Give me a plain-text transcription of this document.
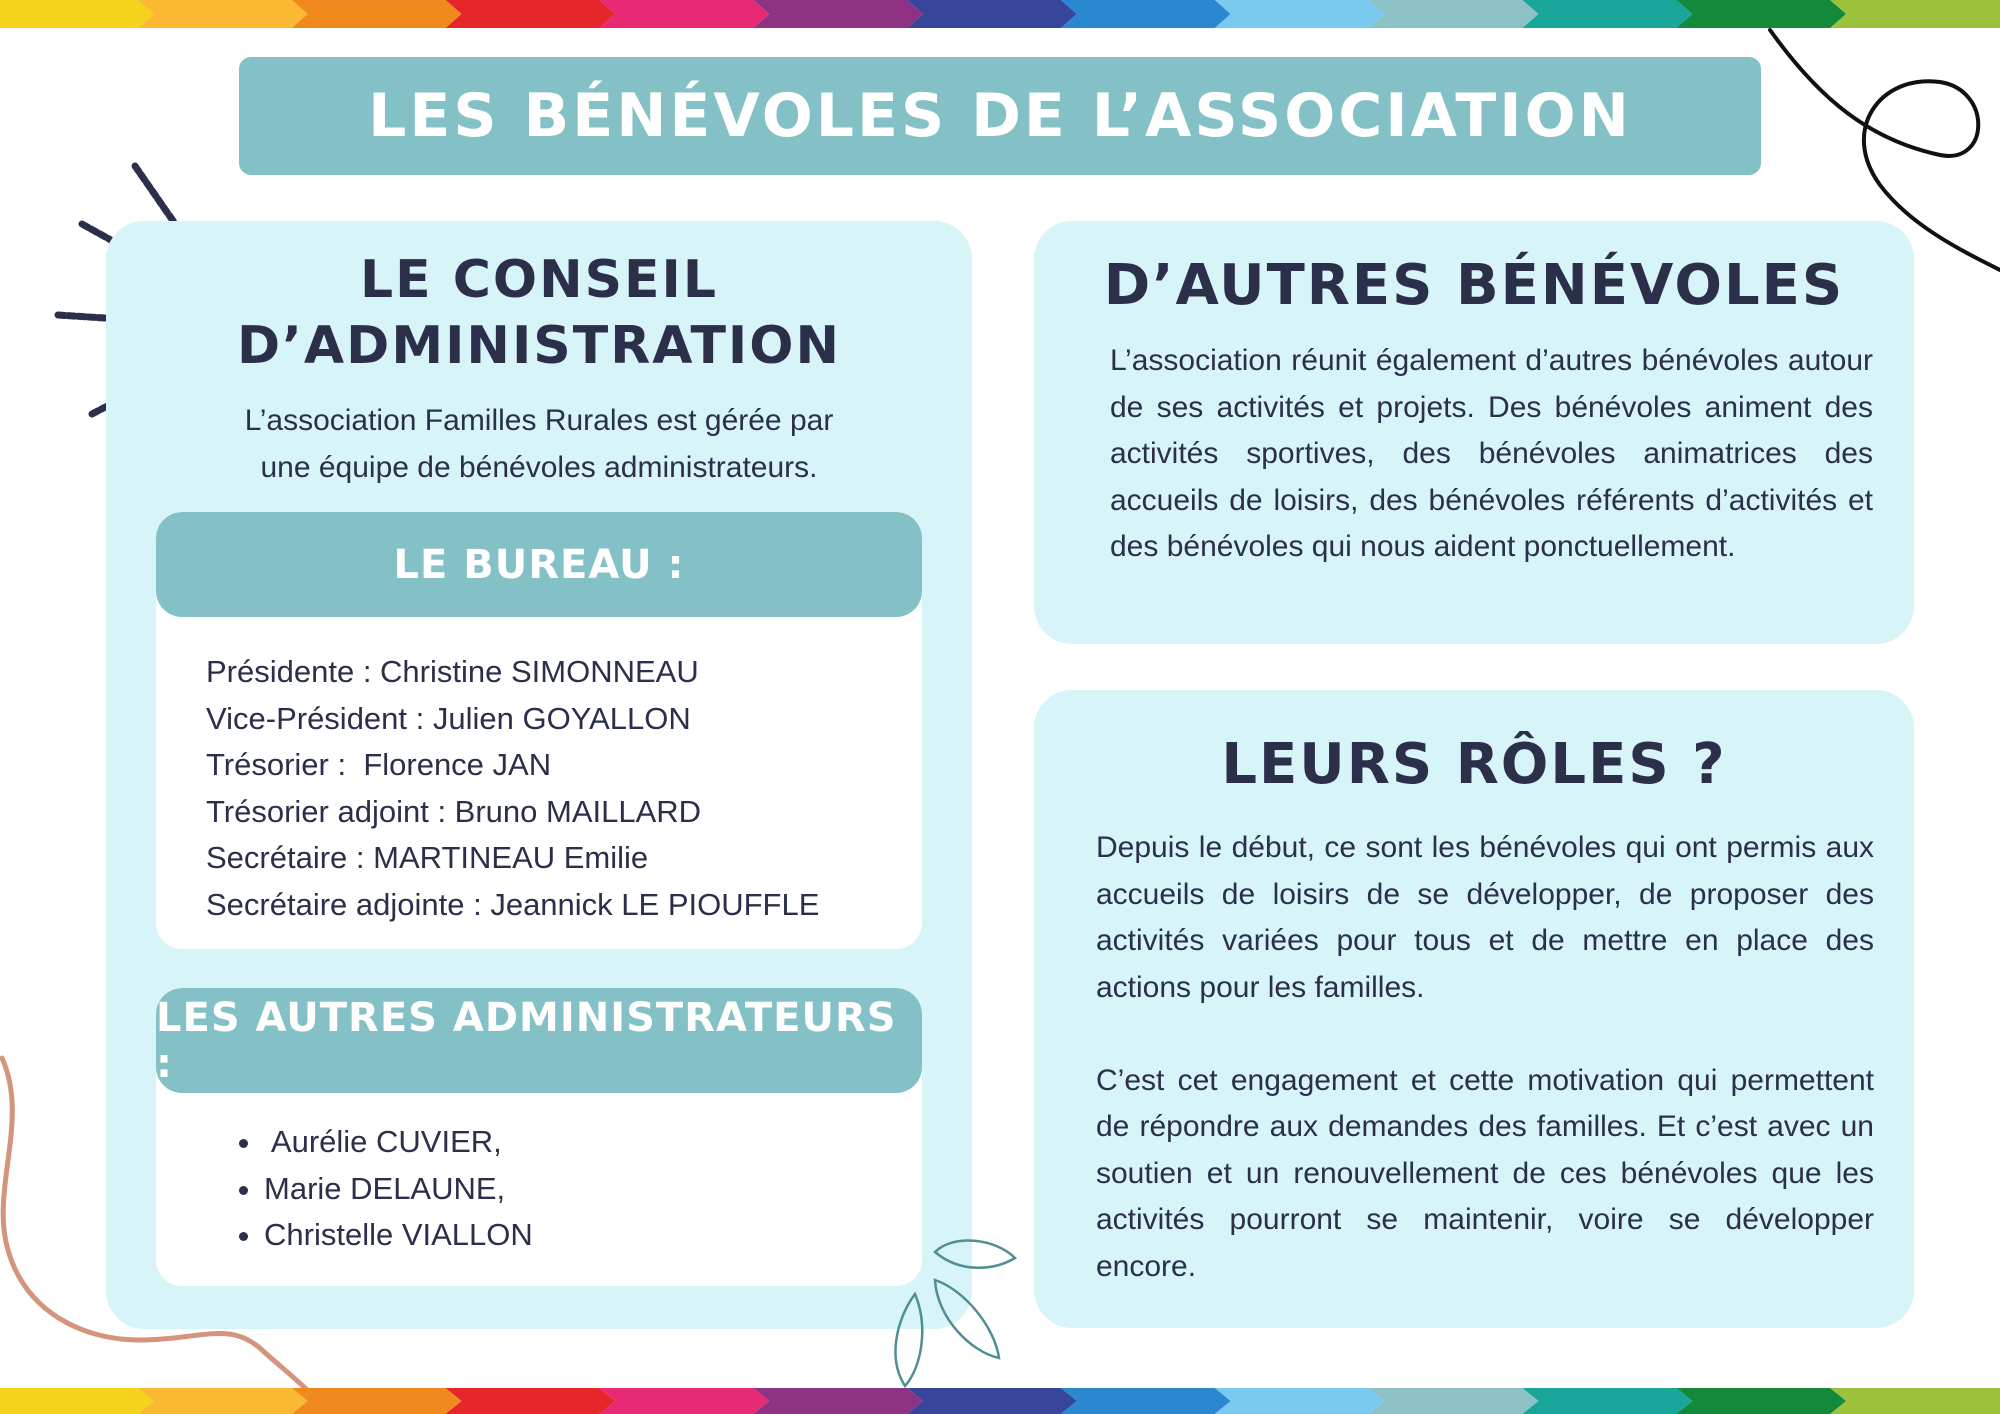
LES BÉNÉVOLES DE L’ASSOCIATION
LE CONSEIL
D’ADMINISTRATION
L’association Familles Rurales est gérée par
une équipe de bénévoles administrateurs.
LE BUREAU :
Présidente : Christine SIMONNEAU
Vice-Président : Julien GOYALLON
Trésorier :  Florence JAN
Trésorier adjoint : Bruno MAILLARD
Secrétaire : MARTINEAU Emilie
Secrétaire adjointe : Jeannick LE PIOUFFLE
LES AUTRES ADMINISTRATEURS :
•  Aurélie CUVIER,
• Marie DELAUNE,
• Christelle VIALLON
D’AUTRES BÉNÉVOLES

L’association réunit également d’autres bénévoles autour de ses activités et projets. Des bénévoles animent des activités sportives, des bénévoles animatrices des accueils de loisirs, des bénévoles référents d’activités et des bénévoles qui nous aident ponctuellement.

LEURS RÔLES ?

Depuis le début, ce sont les bénévoles qui ont permis aux accueils de loisirs de se développer, de proposer des activités variées pour tous et de mettre en place des actions pour les familles.

C’est cet engagement et cette motivation qui permettent de répondre aux demandes des familles. Et c’est avec un soutien et un renouvellement de ces bénévoles que les activités pourront se maintenir, voire se développer encore.
